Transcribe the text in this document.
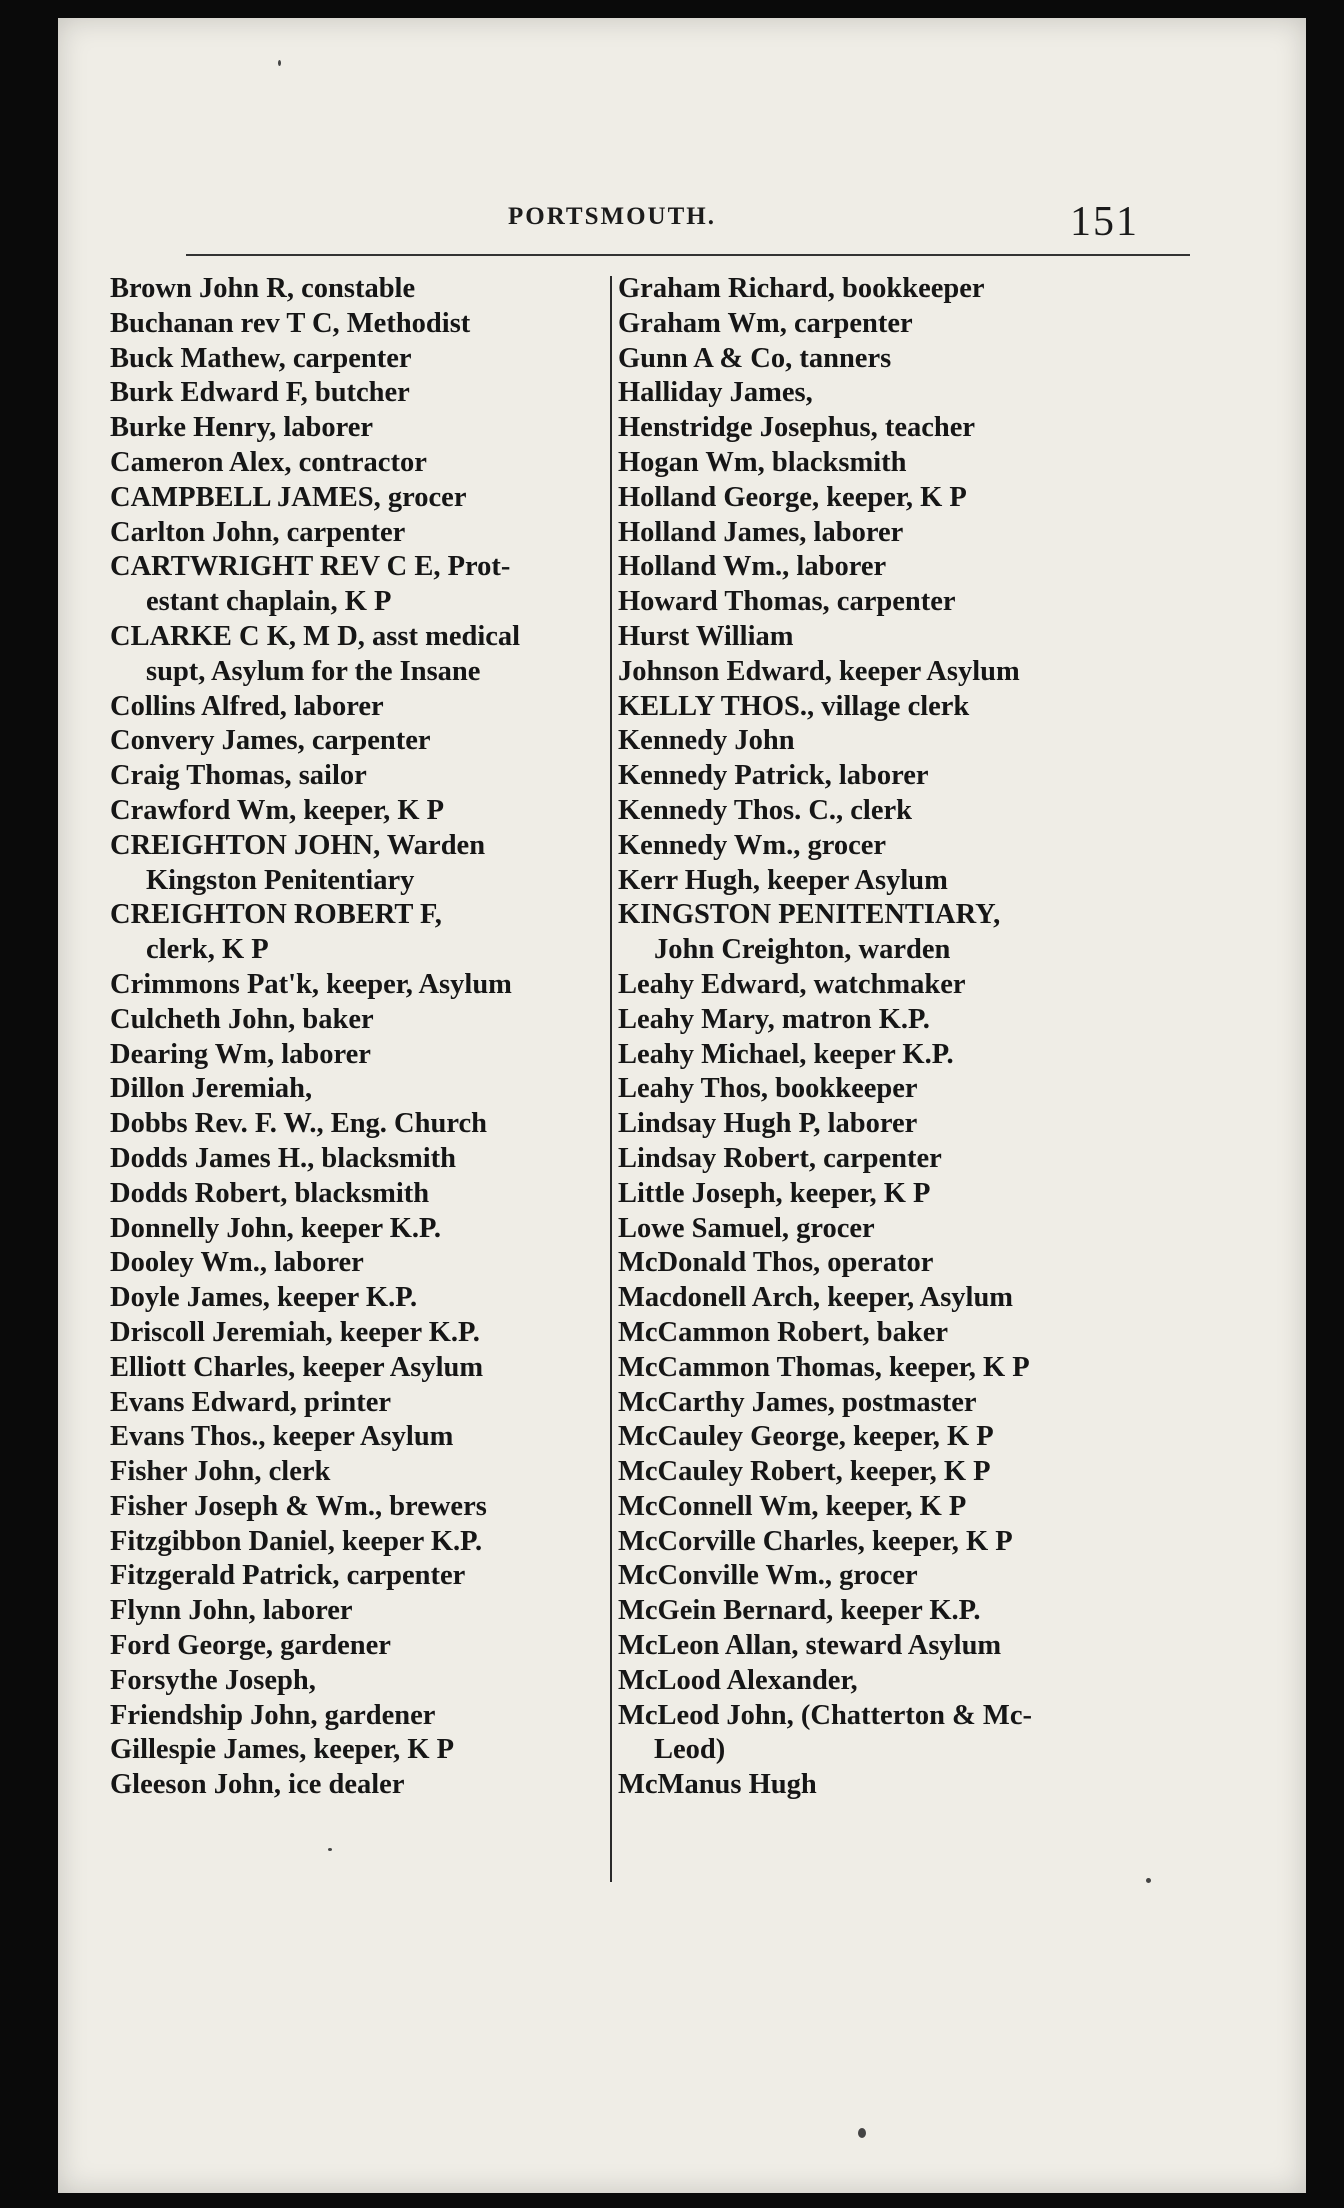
PORTSMOUTH.	151
Brown John R, constable
Buchanan rev T C, Methodist
Buck Mathew, carpenter
Burk Edward F, butcher
Burke Henry, laborer
Cameron Alex, contractor
CAMPBELL JAMES, grocer
Carlton John, carpenter
CARTWRIGHT REV C E, Prot-
estant chaplain, K P
CLARKE C K, M D, asst medical
supt, Asylum for the Insane
Collins Alfred, laborer
Convery James, carpenter
Craig Thomas, sailor
Crawford Wm, keeper, K P
CREIGHTON JOHN, Warden
Kingston Penitentiary
CREIGHTON ROBERT F,
clerk, K P
Crimmons Pat'k, keeper, Asylum
Culcheth John, baker
Dearing Wm, laborer
Dillon Jeremiah,
Dobbs Rev. F. W., Eng. Church
Dodds James H., blacksmith
Dodds Robert, blacksmith
Donnelly John, keeper K.P.
Dooley Wm., laborer
Doyle James, keeper K.P.
Driscoll Jeremiah, keeper K.P.
Elliott Charles, keeper Asylum
Evans Edward, printer
Evans Thos., keeper Asylum
Fisher John, clerk
Fisher Joseph & Wm., brewers
Fitzgibbon Daniel, keeper K.P.
Fitzgerald Patrick, carpenter
Flynn John, laborer
Ford George, gardener
Forsythe Joseph,
Friendship John, gardener
Gillespie James, keeper, K P
Gleeson John, ice dealer
Graham Richard, bookkeeper
Graham Wm, carpenter
Gunn A & Co, tanners
Halliday James,
Henstridge Josephus, teacher
Hogan Wm, blacksmith
Holland George, keeper, K P
Holland James, laborer
Holland Wm., laborer
Howard Thomas, carpenter
Hurst William
Johnson Edward, keeper Asylum
KELLY THOS., village clerk
Kennedy John
Kennedy Patrick, laborer
Kennedy Thos. C., clerk
Kennedy Wm., grocer
Kerr Hugh, keeper Asylum
KINGSTON PENITENTIARY,
John Creighton, warden
Leahy Edward, watchmaker
Leahy Mary, matron K.P.
Leahy Michael, keeper K.P.
Leahy Thos, bookkeeper
Lindsay Hugh P, laborer
Lindsay Robert, carpenter
Little Joseph, keeper, K P
Lowe Samuel, grocer
McDonald Thos, operator
Macdonell Arch, keeper, Asylum
McCammon Robert, baker
McCammon Thomas, keeper, K P
McCarthy James, postmaster
McCauley George, keeper, K P
McCauley Robert, keeper, K P
McConnell Wm, keeper, K P
McCorville Charles, keeper, K P
McConville Wm., grocer
McGein Bernard, keeper K.P.
McLeon Allan, steward Asylum
McLood Alexander,
McLeod John, (Chatterton & Mc-
Leod)
McManus Hugh
